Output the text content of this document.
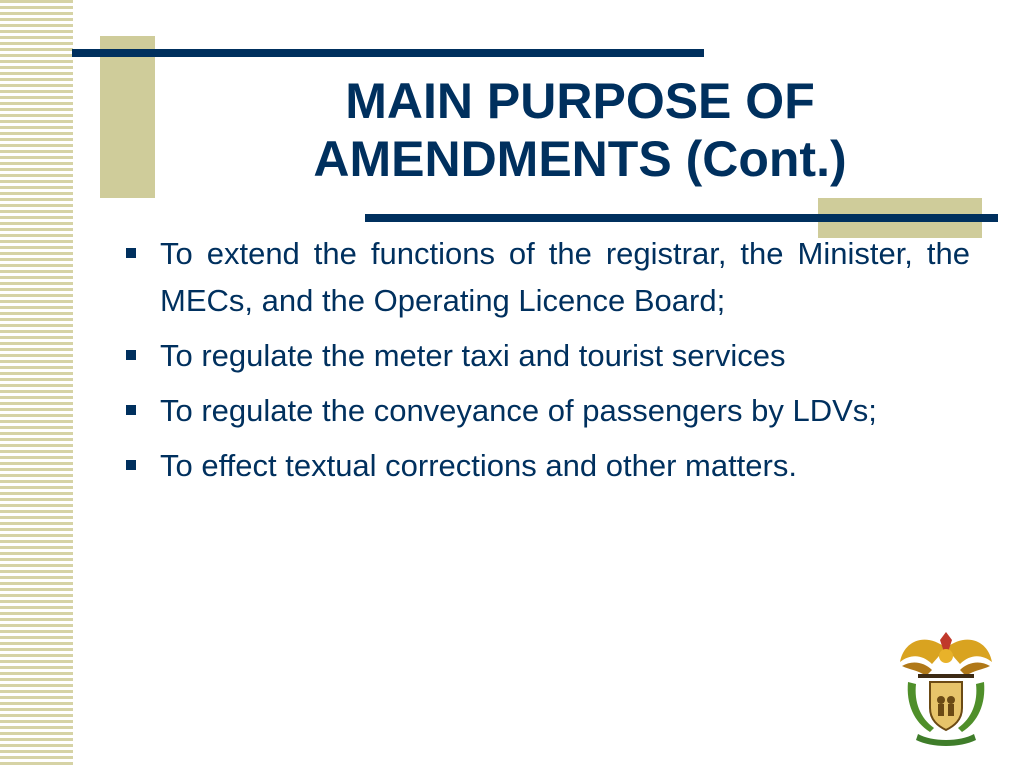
MAIN PURPOSE OF
AMENDMENTS (Cont.)
To extend the functions of the registrar, the Minister, the MECs, and the Operating Licence Board;
To regulate the meter taxi and tourist services
To regulate the conveyance of passengers by LDVs;
To effect textual corrections and other matters.
